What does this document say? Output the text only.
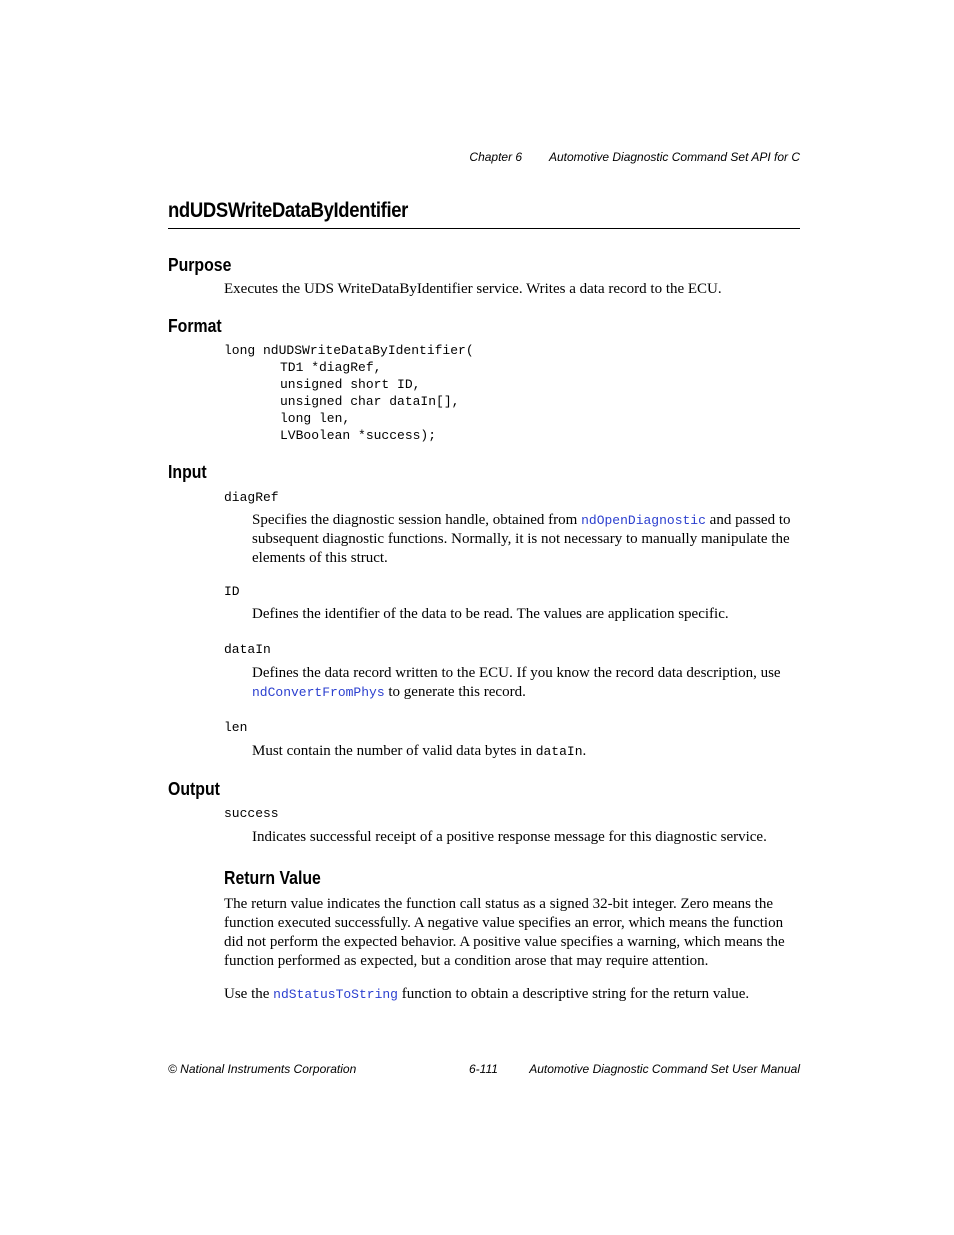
Chapter 6 Automotive Diagnostic Command Set API for C
ndUDSWriteDataByIdentifier
Purpose
Executes the UDS WriteDataByIdentifier service. Writes a data record to the ECU.
Format
long ndUDSWriteDataByIdentifier(
TD1 *diagRef,
unsigned short ID,
unsigned char dataIn[],
long len,
LVBoolean *success);
Input
diagRef
Specifies the diagnostic session handle, obtained from ndOpenDiagnostic and passed to subsequent diagnostic functions. Normally, it is not necessary to manually manipulate the elements of this struct.
ID
Defines the identifier of the data to be read. The values are application specific.
dataIn
Defines the data record written to the ECU. If you know the record data description, use ndConvertFromPhys to generate this record.
len
Must contain the number of valid data bytes in dataIn.
Output
success
Indicates successful receipt of a positive response message for this diagnostic service.
Return Value
The return value indicates the function call status as a signed 32-bit integer. Zero means the function executed successfully. A negative value specifies an error, which means the function did not perform the expected behavior. A positive value specifies a warning, which means the function performed as expected, but a condition arose that may require attention.
Use the ndStatusToString function to obtain a descriptive string for the return value.
© National Instruments Corporation	6-111	Automotive Diagnostic Command Set User Manual
